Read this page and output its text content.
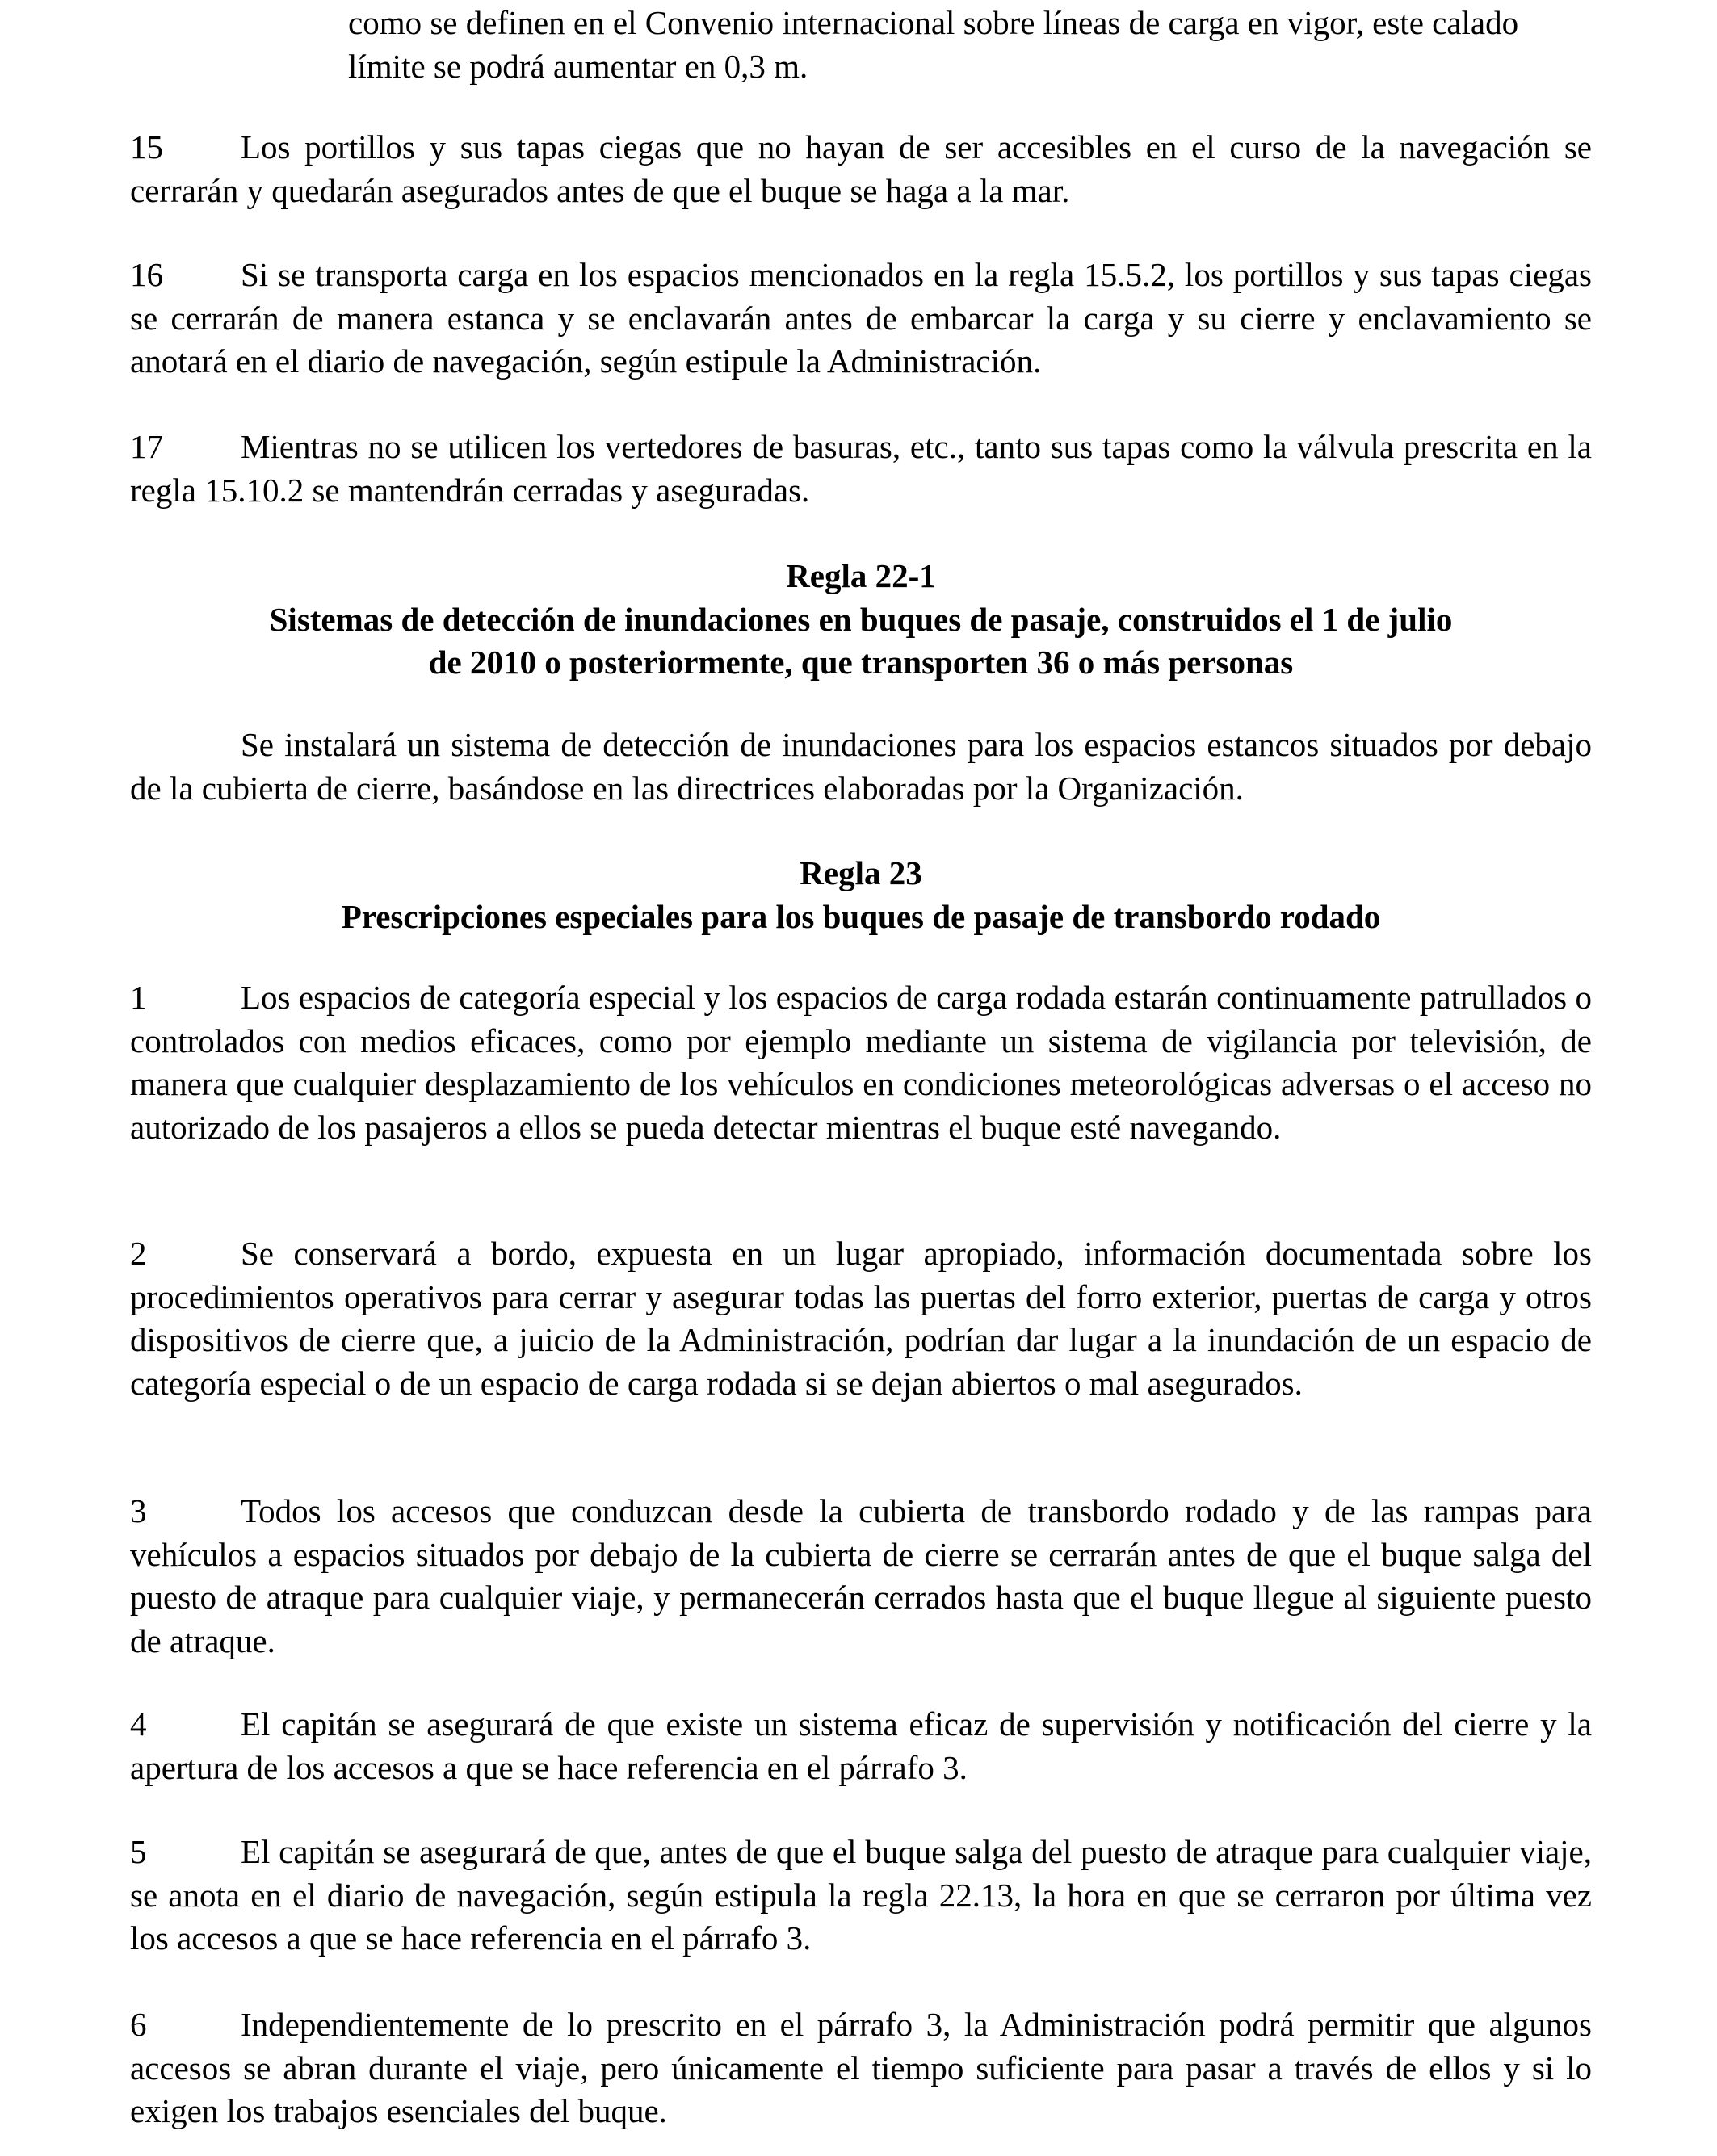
como se definen en el Convenio internacional sobre líneas de carga en vigor, este calado límite se podrá aumentar en 0,3 m.

15 Los portillos y sus tapas ciegas que no hayan de ser accesibles en el curso de la navegación se cerrarán y quedarán asegurados antes de que el buque se haga a la mar.

16 Si se transporta carga en los espacios mencionados en la regla 15.5.2, los portillos y sus tapas ciegas se cerrarán de manera estanca y se enclavarán antes de embarcar la carga y su cierre y enclavamiento se anotará en el diario de navegación, según estipule la Administración.

17 Mientras no se utilicen los vertedores de basuras, etc., tanto sus tapas como la válvula prescrita en la regla 15.10.2 se mantendrán cerradas y aseguradas.

Regla 22-1

Sistemas de detección de inundaciones en buques de pasaje, construidos el 1 de julio

de 2010 o posteriormente, que transporten 36 o más personas

Se instalará un sistema de detección de inundaciones para los espacios estancos situados por debajo de la cubierta de cierre, basándose en las directrices elaboradas por la Organización.

Regla 23

Prescripciones especiales para los buques de pasaje de transbordo rodado

1	Los espacios de categoría especial y los espacios de carga rodada estarán continuamente patrullados o controlados con medios eficaces, como por ejemplo mediante un sistema de vigilancia por televisión, de manera que cualquier desplazamiento de los vehículos en condiciones meteorológicas adversas o el acceso no autorizado de los pasajeros a ellos se pueda detectar mientras el buque esté navegando.

2	Se conservará a bordo, expuesta en un lugar apropiado, información documentada sobre los procedimientos operativos para cerrar y asegurar todas las puertas del forro exterior, puertas de carga y otros dispositivos de cierre que, a juicio de la Administración, podrían dar lugar a la inundación de un espacio de categoría especial o de un espacio de carga rodada si se dejan abiertos o mal asegurados.

3	Todos los accesos que conduzcan desde la cubierta de transbordo rodado y de las rampas para vehículos a espacios situados por debajo de la cubierta de cierre se cerrarán antes de que el buque salga del puesto de atraque para cualquier viaje, y permanecerán cerrados hasta que el buque llegue al siguiente puesto de atraque.

4	El capitán se asegurará de que existe un sistema eficaz de supervisión y notificación del cierre y la apertura de los accesos a que se hace referencia en el párrafo 3.

5	El capitán se asegurará de que, antes de que el buque salga del puesto de atraque para cualquier viaje, se anota en el diario de navegación, según estipula la regla 22.13, la hora en que se cerraron por última vez los accesos a que se hace referencia en el párrafo 3.

6	Independientemente de lo prescrito en el párrafo 3, la Administración podrá permitir que algunos accesos se abran durante el viaje, pero únicamente el tiempo suficiente para pasar a través de ellos y si lo exigen los trabajos esenciales del buque.
